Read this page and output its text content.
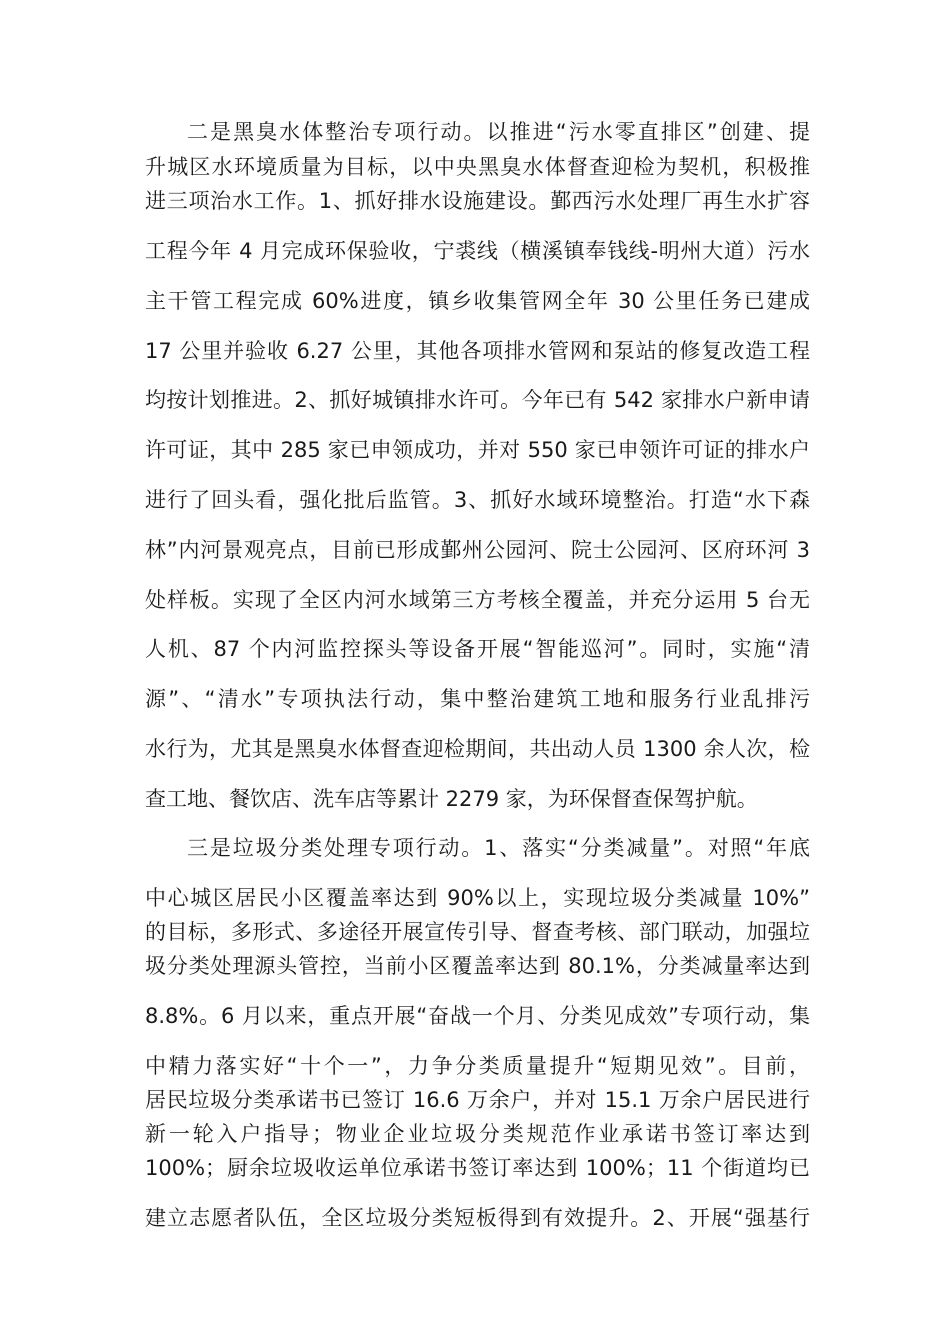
二是黑臭水体整治专项行动。以推进“污水零直排区”创建、提

升城区水环境质量为目标，以中央黑臭水体督查迎检为契机，积极推

进三项治水工作。1、抓好排水设施建设。鄞西污水处理厂再生水扩容

工程今年 4 月完成环保验收，宁裘线（横溪镇奉钱线-明州大道）污水

主干管工程完成 60%进度，镇乡收集管网全年 30 公里任务已建成

17 公里并验收 6.27 公里，其他各项排水管网和泵站的修复改造工程

均按计划推进。2、抓好城镇排水许可。今年已有 542 家排水户新申请

许可证，其中 285 家已申领成功，并对 550 家已申领许可证的排水户

进行了回头看，强化批后监管。3、抓好水域环境整治。打造“水下森

林”内河景观亮点，目前已形成鄞州公园河、院士公园河、区府环河 3

处样板。实现了全区内河水域第三方考核全覆盖，并充分运用 5 台无

人机、87 个内河监控探头等设备开展“智能巡河”。同时，实施“清

源”、“清水”专项执法行动，集中整治建筑工地和服务行业乱排污

水行为，尤其是黑臭水体督查迎检期间，共出动人员 1300 余人次，检

查工地、餐饮店、洗车店等累计 2279 家，为环保督查保驾护航。

三是垃圾分类处理专项行动。1、落实“分类减量”。对照“年底

中心城区居民小区覆盖率达到 90%以上，实现垃圾分类减量 10%”

的目标，多形式、多途径开展宣传引导、督查考核、部门联动，加强垃

圾分类处理源头管控，当前小区覆盖率达到 80.1%，分类减量率达到

8.8%。6 月以来，重点开展“奋战一个月、分类见成效”专项行动，集

中精力落实好“十个一”，力争分类质量提升“短期见效”。目前，

居民垃圾分类承诺书已签订 16.6 万余户，并对 15.1 万余户居民进行

新一轮入户指导；物业企业垃圾分类规范作业承诺书签订率达到

100%；厨余垃圾收运单位承诺书签订率达到 100%；11 个街道均已

建立志愿者队伍，全区垃圾分类短板得到有效提升。2、开展“强基行
